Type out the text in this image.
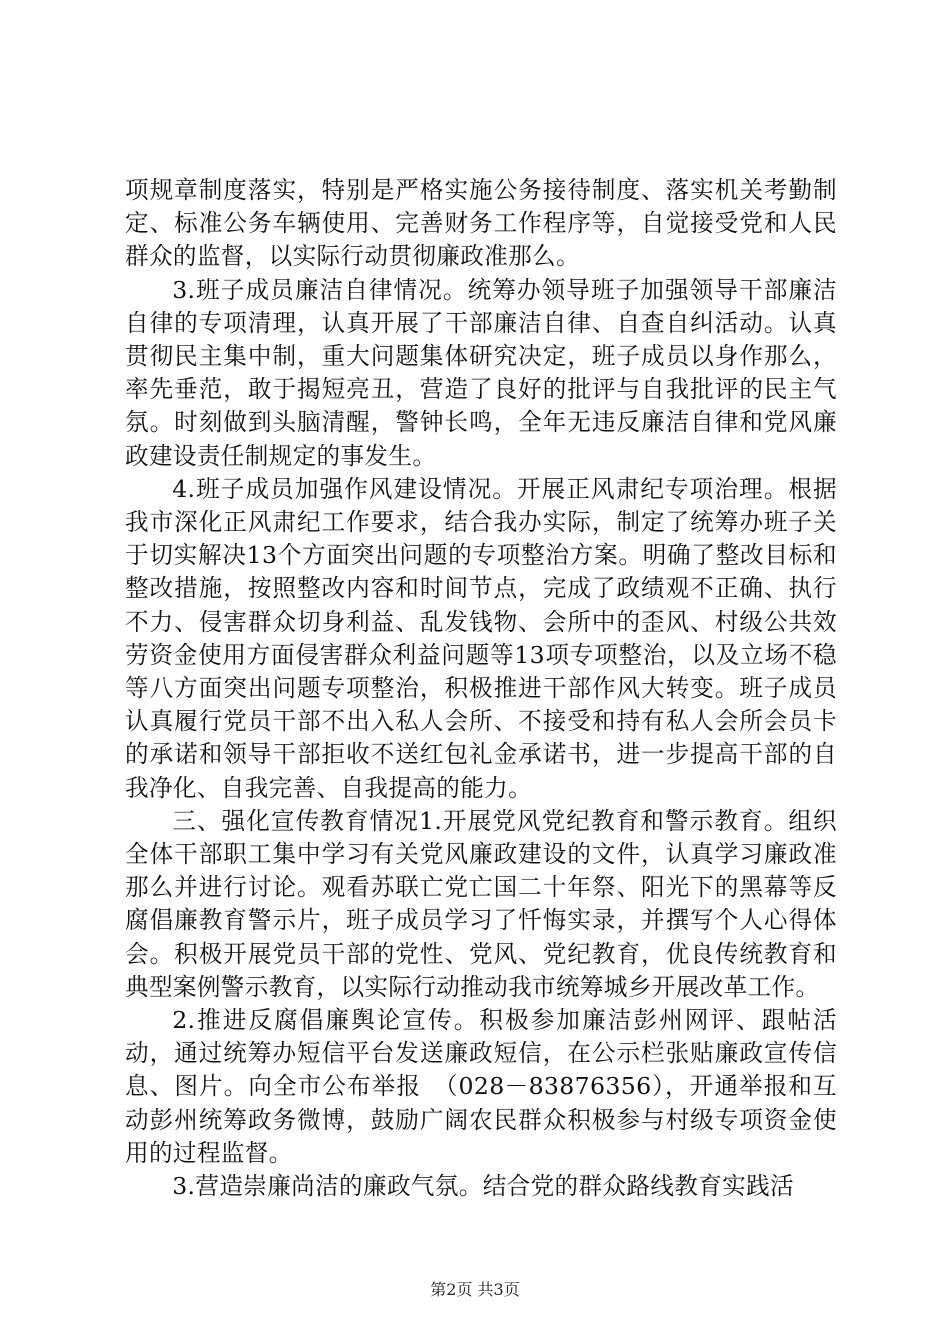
项规章制度落实，特别是严格实施公务接待制度、落实机关考勤制定、标准公务车辆使用、完善财务工作程序等，自觉接受党和人民群众的监督，以实际行动贯彻廉政准那么。

3.班子成员廉洁自律情况。统筹办领导班子加强领导干部廉洁自律的专项清理，认真开展了干部廉洁自律、自查自纠活动。认真贯彻民主集中制，重大问题集体研究决定，班子成员以身作那么，率先垂范，敢于揭短亮丑，营造了良好的批评与自我批评的民主气氛。时刻做到头脑清醒，警钟长鸣，全年无违反廉洁自律和党风廉政建设责任制规定的事发生。

4.班子成员加强作风建设情况。开展正风肃纪专项治理。根据我市深化正风肃纪工作要求，结合我办实际，制定了统筹办班子关于切实解决13个方面突出问题的专项整治方案。明确了整改目标和整改措施，按照整改内容和时间节点，完成了政绩观不正确、执行不力、侵害群众切身利益、乱发钱物、会所中的歪风、村级公共效劳资金使用方面侵害群众利益问题等13项专项整治，以及立场不稳等八方面突出问题专项整治，积极推进干部作风大转变。班子成员认真履行党员干部不出入私人会所、不接受和持有私人会所会员卡的承诺和领导干部拒收不送红包礼金承诺书，进一步提高干部的自我净化、自我完善、自我提高的能力。

三、强化宣传教育情况1.开展党风党纪教育和警示教育。组织全体干部职工集中学习有关党风廉政建设的文件，认真学习廉政准那么并进行讨论。观看苏联亡党亡国二十年祭、阳光下的黑幕等反腐倡廉教育警示片，班子成员学习了忏悔实录，并撰写个人心得体会。积极开展党员干部的党性、党风、党纪教育，优良传统教育和典型案例警示教育，以实际行动推动我市统筹城乡开展改革工作。

2.推进反腐倡廉舆论宣传。积极参加廉洁彭州网评、跟帖活动，通过统筹办短信平台发送廉政短信，在公示栏张贴廉政宣传信息、图片。向全市公布举报　（028－83876356），开通举报和互动彭州统筹政务微博，鼓励广阔农民群众积极参与村级专项资金使用的过程监督。

3.营造崇廉尚洁的廉政气氛。结合党的群众路线教育实践活

第2页 共3页
